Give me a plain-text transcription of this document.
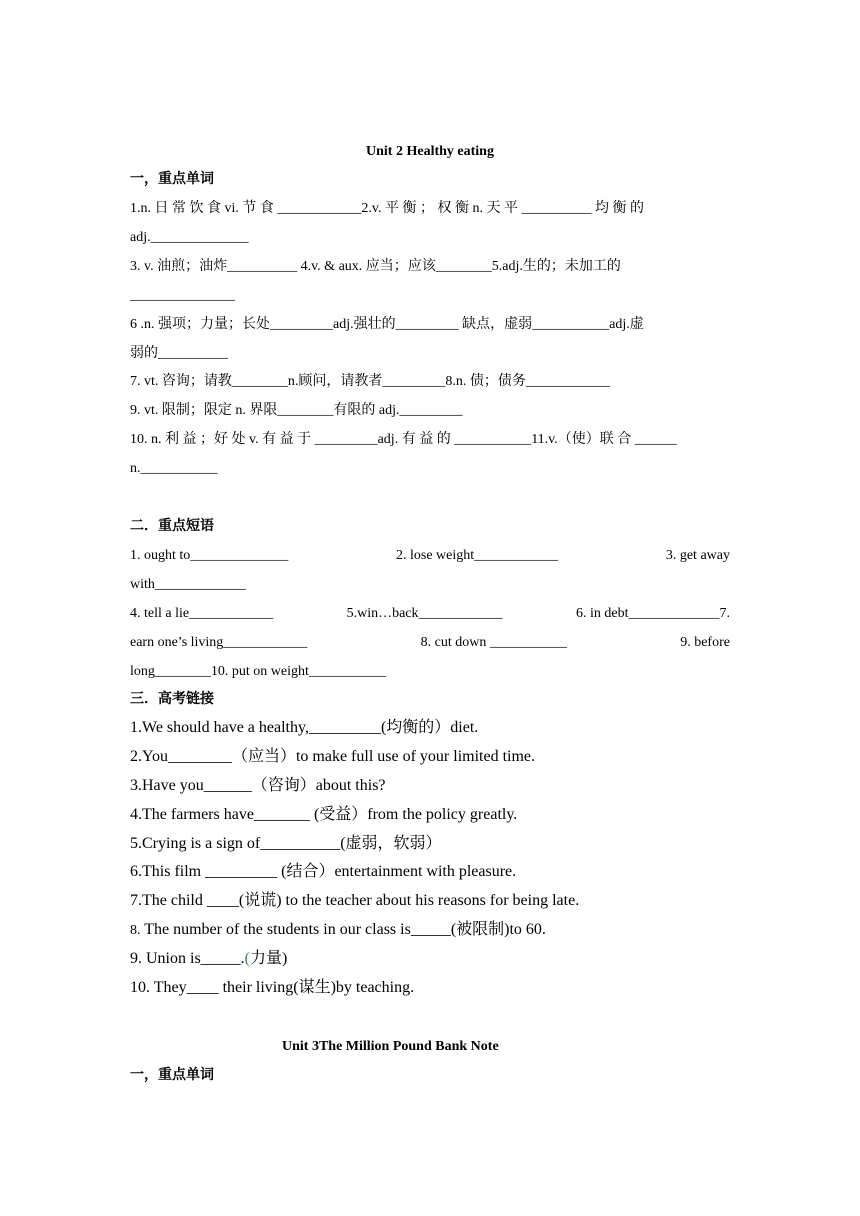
Unit 2 Healthy eating

一，重点单词

1.n. 日 常 饮 食 vi. 节 食 ____________2.v. 平 衡 ； 权 衡 n. 天 平 __________ 均 衡 的

adj.______________

3. v. 油煎；油炸__________ 4.v. & aux. 应当；应该________5.adj.生的；未加工的

_______________

6 .n. 强项；力量；长处_________adj.强壮的_________ 缺点，虚弱___________adj.虚

弱的__________

7. vt. 咨询；请教________n.顾问，请教者_________8.n. 债；债务____________

9. vt. 限制；限定 n. 界限________有限的 adj._________

10. n. 利 益 ；好 处 v. 有 益 于 _________adj. 有 益 的 ___________11.v.（使）联 合 ______

n.___________

二．重点短语

1. ought to______________	2. lose weight____________	3. get away

with_____________

4. tell a lie____________	5.win…back____________	6. in debt_____________7.
earn one’s living____________	8. cut down ___________	9. before

long________10. put on weight___________

三．高考链接

1.We should have a healthy,_________(均衡的）diet.

2.You________（应当）to make full use of your limited time.

3.Have you______（咨询）about this?

4.The farmers have_______ (受益）from the policy greatly.

5.Crying is a sign of__________(虚弱，软弱）

6.This film _________ (结合）entertainment with pleasure.

7.The child ____(说谎) to the teacher about his reasons for being late.

8. The number of the students in our class is_____(被限制)to 60.

9. Union is_____.(力量)

10. They____ their living(谋生)by teaching.

Unit 3The Million Pound Bank Note

一，重点单词
